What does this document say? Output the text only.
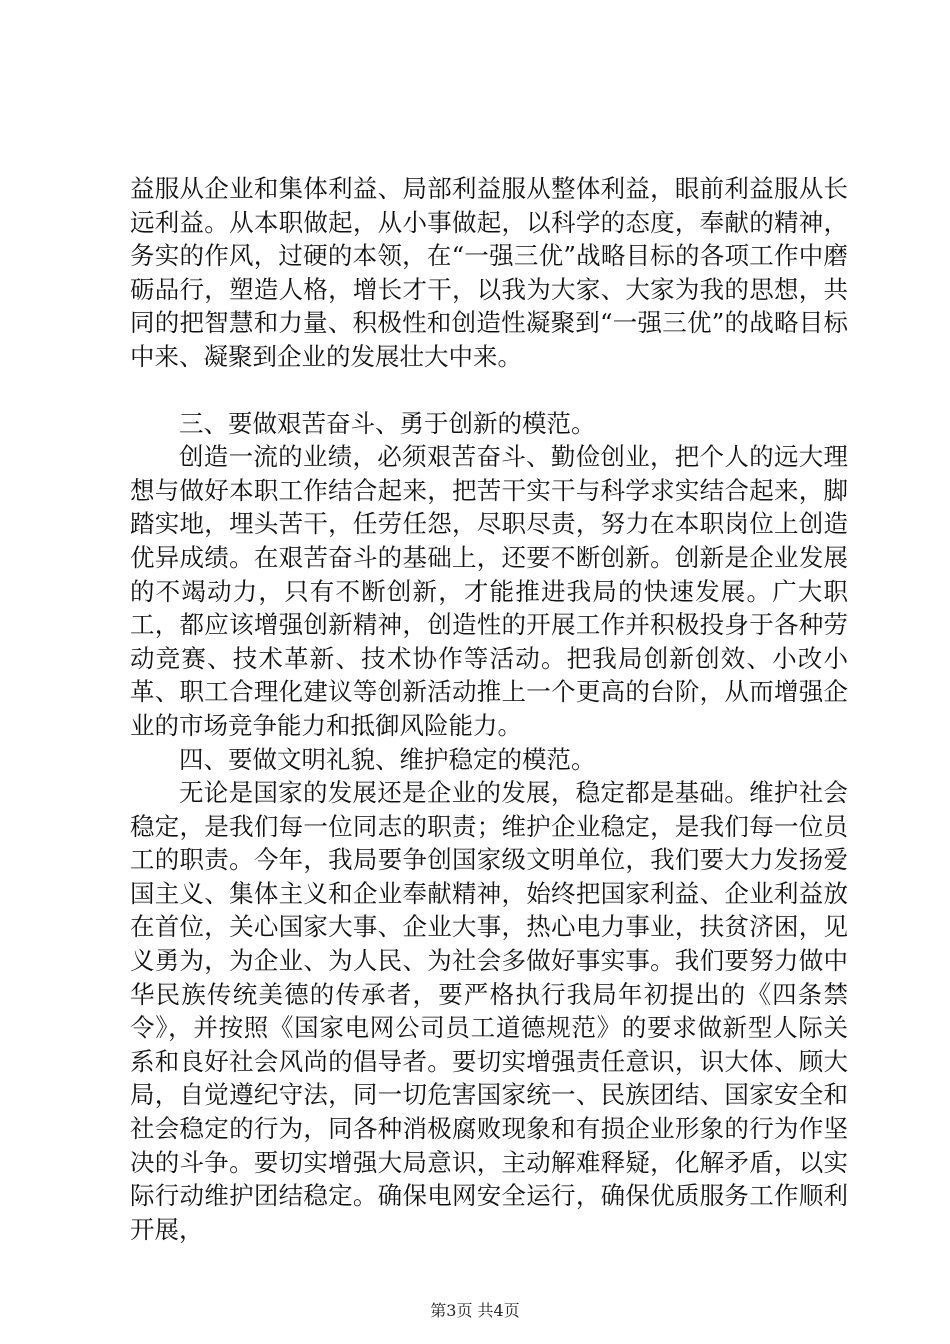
益服从企业和集体利益、局部利益服从整体利益，眼前利益服从长远利益。从本职做起，从小事做起，以科学的态度，奉献的精神，务实的作风，过硬的本领，在“一强三优”战略目标的各项工作中磨砺品行，塑造人格，增长才干，以我为大家、大家为我的思想，共同的把智慧和力量、积极性和创造性凝聚到“一强三优”的战略目标中来、凝聚到企业的发展壮大中来。

三、要做艰苦奋斗、勇于创新的模范。

创造一流的业绩，必须艰苦奋斗、勤俭创业，把个人的远大理想与做好本职工作结合起来，把苦干实干与科学求实结合起来，脚踏实地，埋头苦干，任劳任怨，尽职尽责，努力在本职岗位上创造优异成绩。在艰苦奋斗的基础上，还要不断创新。创新是企业发展的不竭动力，只有不断创新，才能推进我局的快速发展。广大职工，都应该增强创新精神，创造性的开展工作并积极投身于各种劳动竞赛、技术革新、技术协作等活动。把我局创新创效、小改小革、职工合理化建议等创新活动推上一个更高的台阶，从而增强企业的市场竞争能力和抵御风险能力。

四、要做文明礼貌、维护稳定的模范。

无论是国家的发展还是企业的发展，稳定都是基础。维护社会稳定，是我们每一位同志的职责；维护企业稳定，是我们每一位员工的职责。今年，我局要争创国家级文明单位，我们要大力发扬爱国主义、集体主义和企业奉献精神，始终把国家利益、企业利益放在首位，关心国家大事、企业大事，热心电力事业，扶贫济困，见义勇为，为企业、为人民、为社会多做好事实事。我们要努力做中华民族传统美德的传承者，要严格执行我局年初提出的《四条禁令》，并按照《国家电网公司员工道德规范》的要求做新型人际关系和良好社会风尚的倡导者。要切实增强责任意识，识大体、顾大局，自觉遵纪守法，同一切危害国家统一、民族团结、国家安全和社会稳定的行为，同各种消极腐败现象和有损企业形象的行为作坚决的斗争。要切实增强大局意识，主动解难释疑，化解矛盾，以实际行动维护团结稳定。确保电网安全运行，确保优质服务工作顺利开展，

第3页 共4页
